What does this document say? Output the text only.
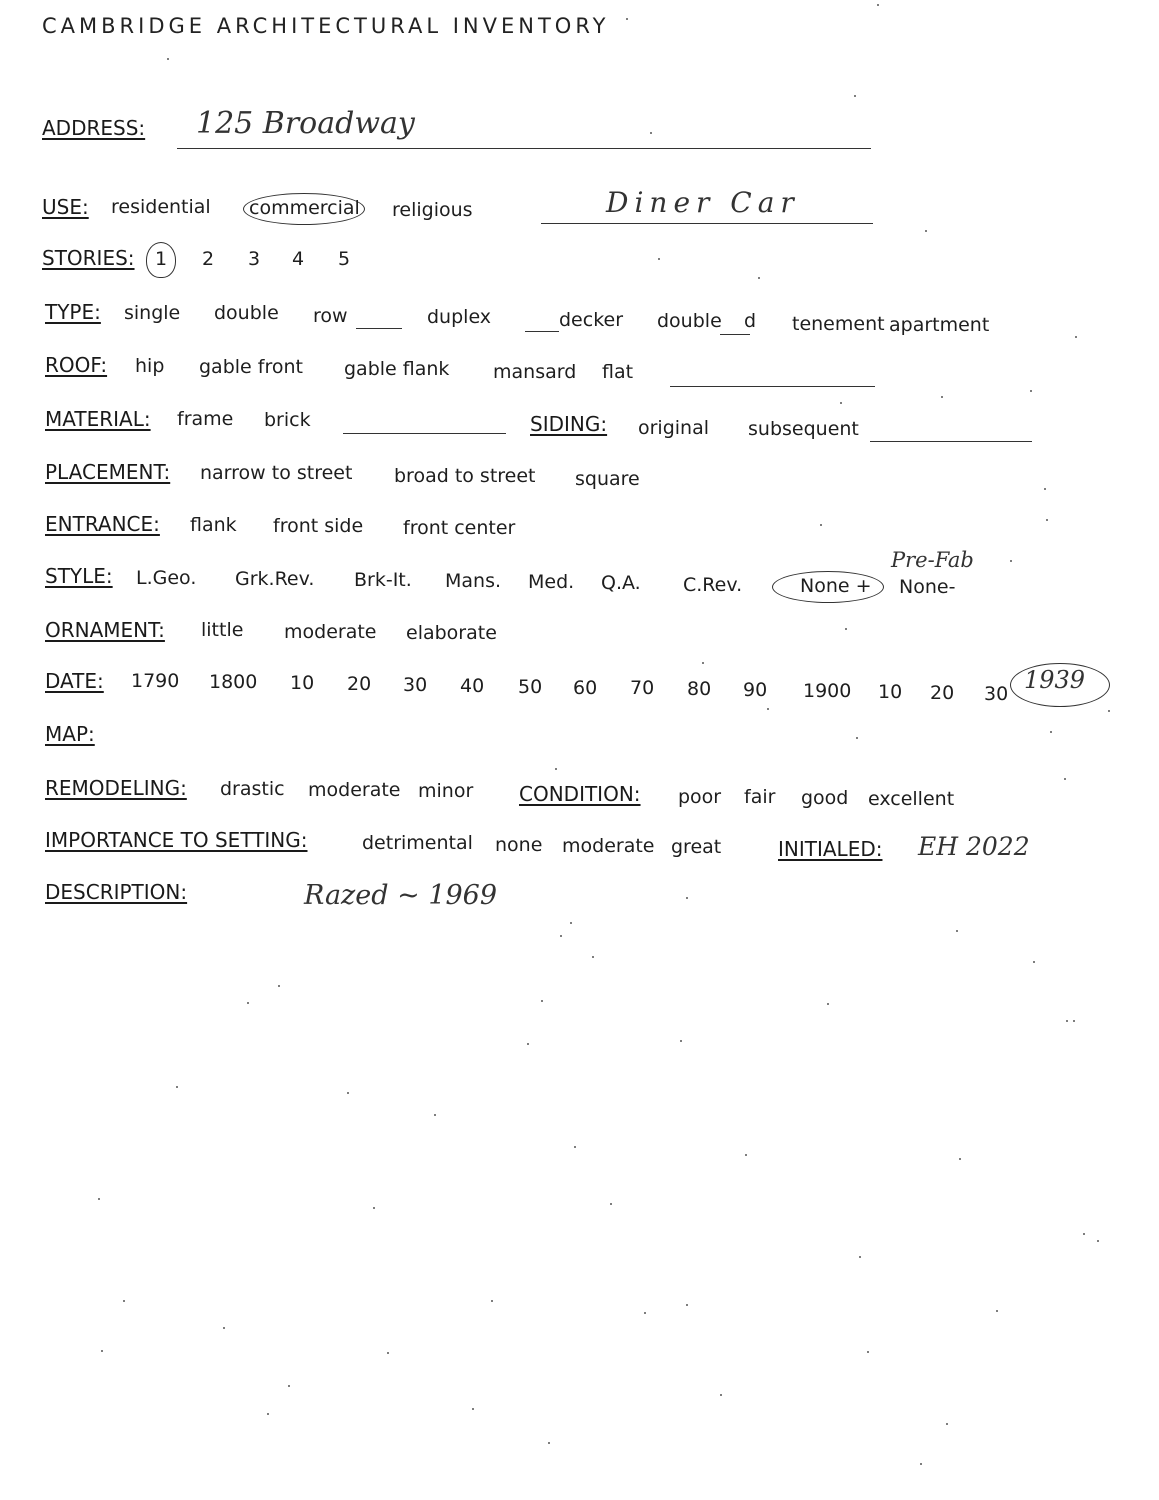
CAMBRIDGE ARCHITECTURAL INVENTORY
ADDRESS: 125 Broadway
USE: residential commercial religious	Diner Car
STORIES: 1 2 3 4 5
TYPE: single double row	duplex	decker double d tenement apartment
ROOF: hip gable front gable flank mansard flat
MATERIAL: frame brick	SIDING: original subsequent
PLACEMENT: narrow to street broad to street square
ENTRANCE: flank front side front center
STYLE: L.Geo. Grk.Rev. Brk-It. Mans. Med. Q.A. C.Rev.	None + None-
Pre-Fab
ORNAMENT: little moderate elaborate
DATE: 1790 1800 10 20 30 40 50 60 70 80 90 1900 10 20 30 1939
MAP:
REMODELING: drastic moderate minor CONDITION: poor fair good excellent
IMPORTANCE TO SETTING:	detrimental none moderate great	INITIALED: EH 2022
DESCRIPTION:	Razed ~ 1969
